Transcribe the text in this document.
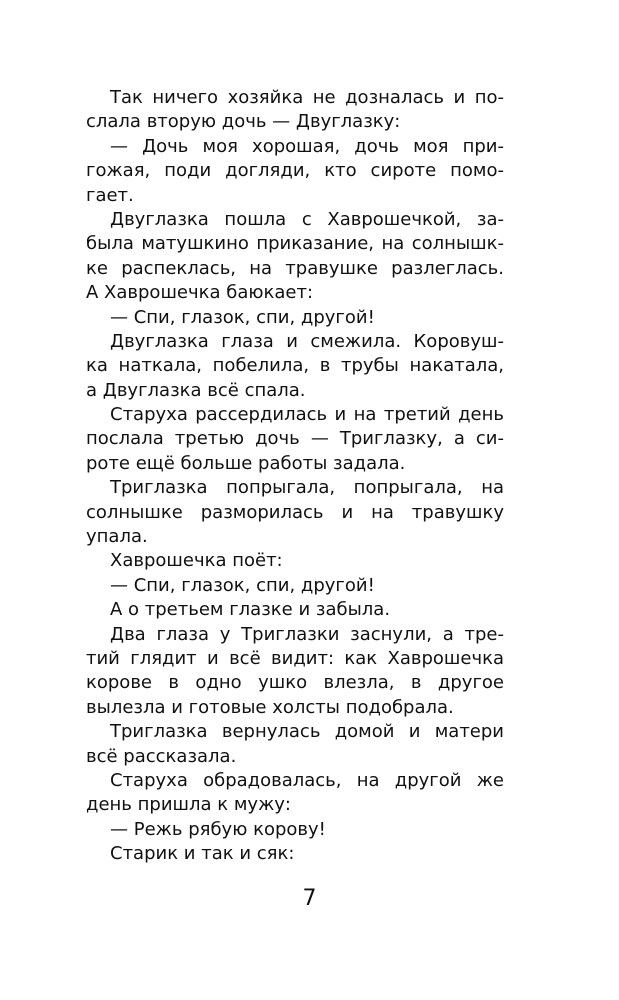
Так ничего хозяйка не дозналась и по-
слала вторую дочь — Двуглазку:
— Дочь моя хорошая, дочь моя при-
гожая, поди догляди, кто сироте помо-
гает.
Двуглазка пошла с Хаврошечкой, за-
была матушкино приказание, на солнышк-
ке распеклась, на травушке разлеглась.
А Хаврошечка баюкает:
— Спи, глазок, спи, другой!
Двуглазка глаза и смежила. Коровуш-
ка наткала, побелила, в трубы накатала,
а Двуглазка всё спала.
Старуха рассердилась и на третий день
послала третью дочь — Триглазку, а си-
роте ещё больше работы задала.
Триглазка попрыгала, попрыгала, на
солнышке разморилась и на травушку
упала.
Хаврошечка поёт:
— Спи, глазок, спи, другой!
А о третьем глазке и забыла.
Два глаза у Триглазки заснули, а тре-
тий глядит и всё видит: как Хаврошечка
корове в одно ушко влезла, в другое
вылезла и готовые холсты подобрала.
Триглазка вернулась домой и матери
всё рассказала.
Старуха обрадовалась, на другой же
день пришла к мужу:
— Режь рябую корову!
Старик и так и сяк:
7
